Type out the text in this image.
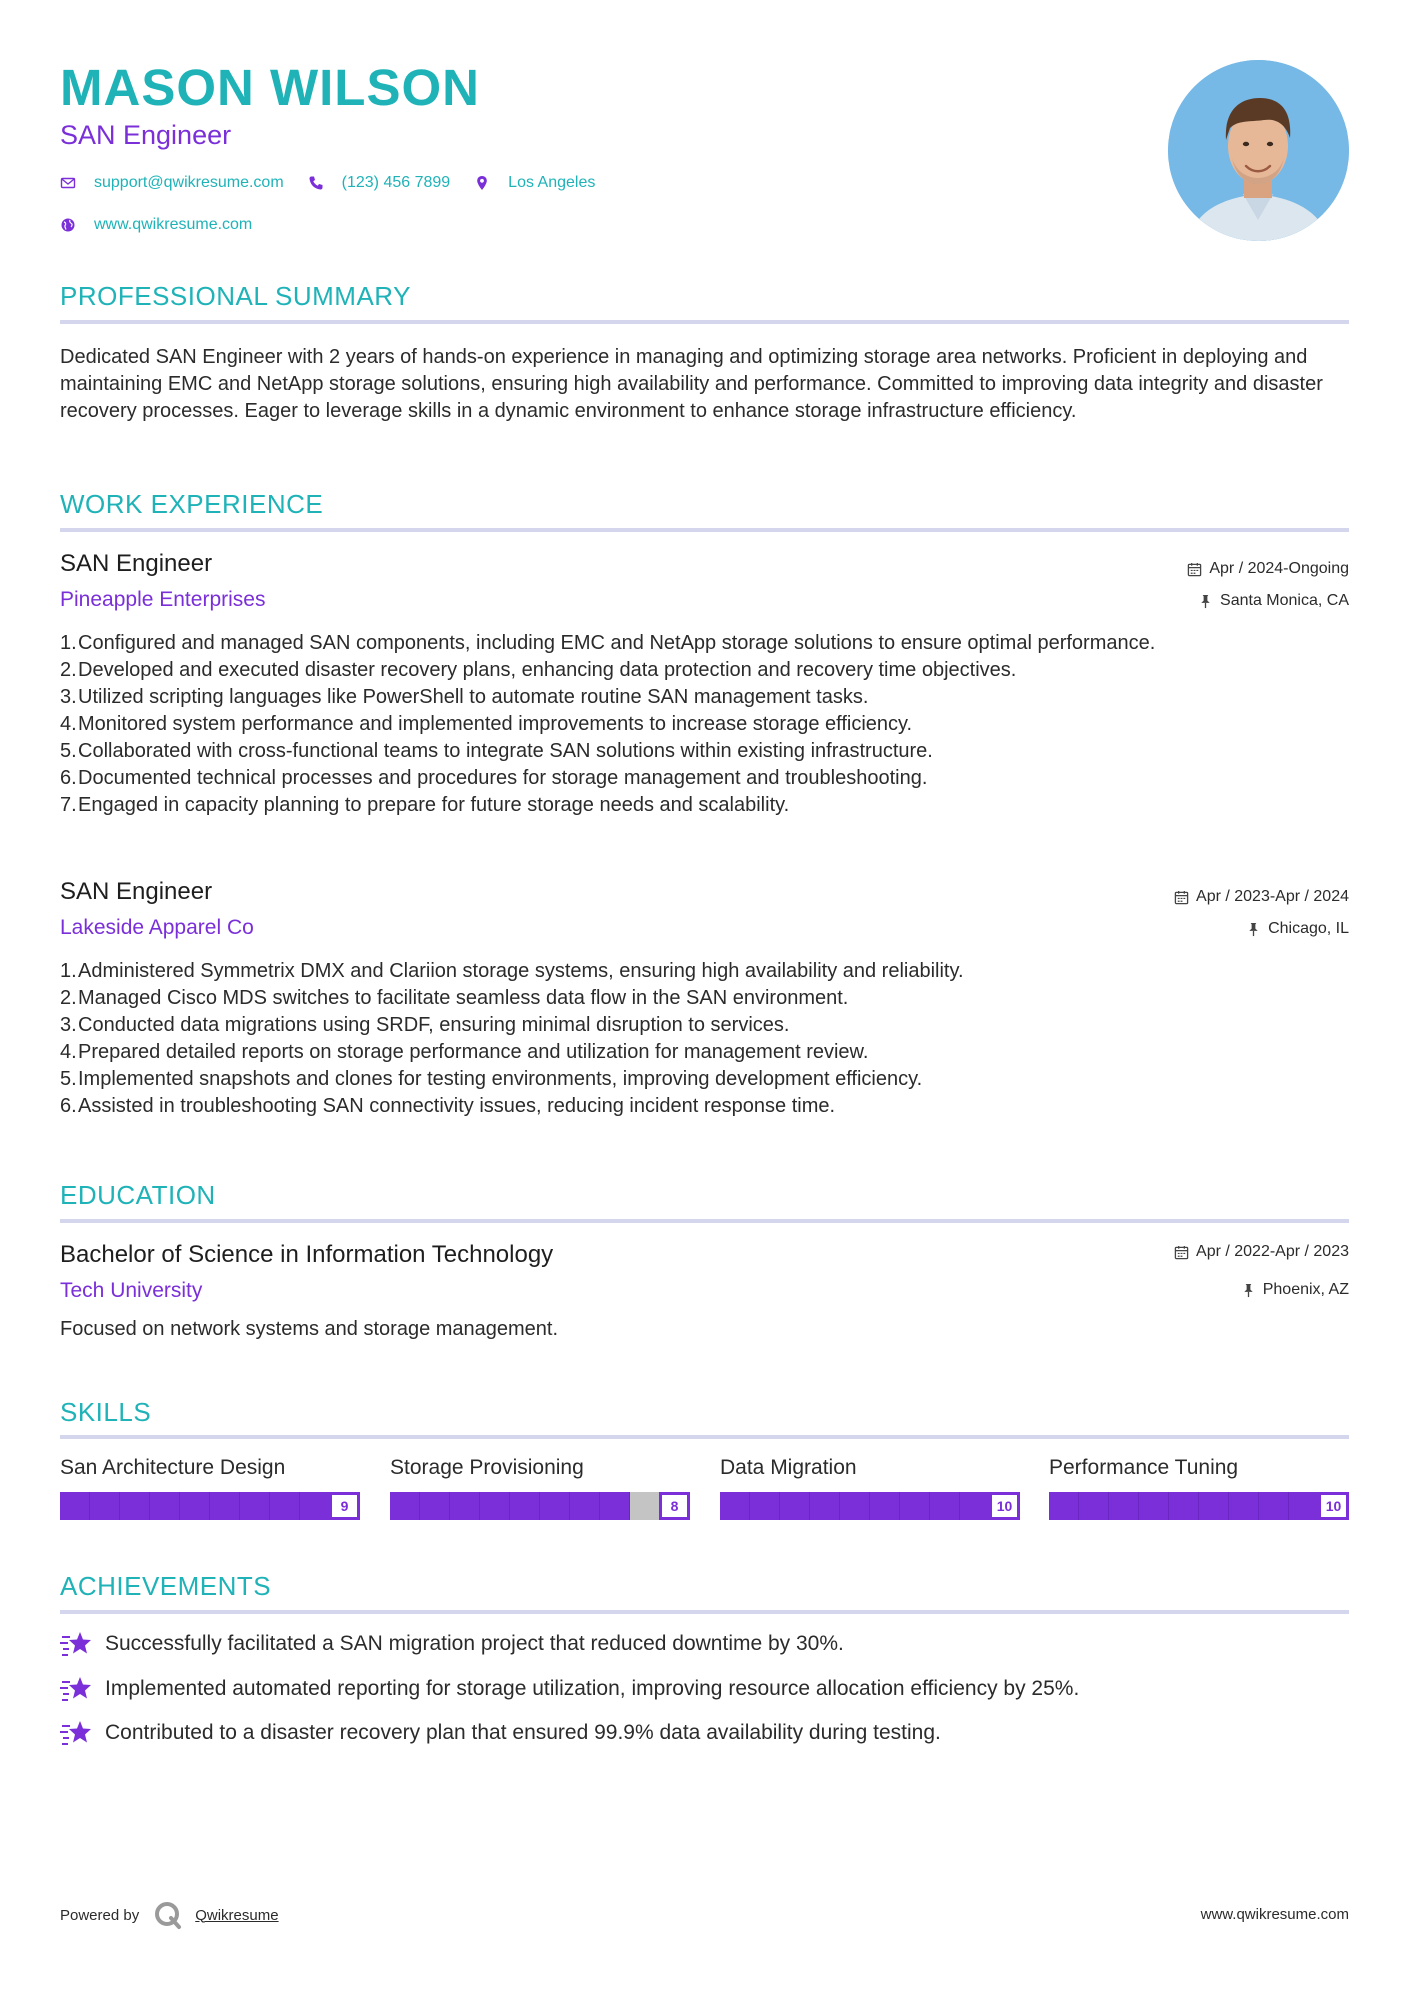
MASON WILSON
SAN Engineer
support@qwikresume.com	(123) 456 7899	Los Angeles
www.qwikresume.com
PROFESSIONAL SUMMARY
Dedicated SAN Engineer with 2 years of hands-on experience in managing and optimizing storage area networks. Proficient in deploying and maintaining EMC and NetApp storage solutions, ensuring high availability and performance. Committed to improving data integrity and disaster recovery processes. Eager to leverage skills in a dynamic environment to enhance storage infrastructure efficiency.
WORK EXPERIENCE
SAN Engineer	Apr / 2024-Ongoing
Pineapple Enterprises	Santa Monica, CA
1. Configured and managed SAN components, including EMC and NetApp storage solutions to ensure optimal performance.
2. Developed and executed disaster recovery plans, enhancing data protection and recovery time objectives.
3. Utilized scripting languages like PowerShell to automate routine SAN management tasks.
4. Monitored system performance and implemented improvements to increase storage efficiency.
5. Collaborated with cross-functional teams to integrate SAN solutions within existing infrastructure.
6. Documented technical processes and procedures for storage management and troubleshooting.
7. Engaged in capacity planning to prepare for future storage needs and scalability.
SAN Engineer	Apr / 2023-Apr / 2024
Lakeside Apparel Co	Chicago, IL
1. Administered Symmetrix DMX and Clariion storage systems, ensuring high availability and reliability.
2. Managed Cisco MDS switches to facilitate seamless data flow in the SAN environment.
3. Conducted data migrations using SRDF, ensuring minimal disruption to services.
4. Prepared detailed reports on storage performance and utilization for management review.
5. Implemented snapshots and clones for testing environments, improving development efficiency.
6. Assisted in troubleshooting SAN connectivity issues, reducing incident response time.
EDUCATION
Bachelor of Science in Information Technology	Apr / 2022-Apr / 2023
Tech University	Phoenix, AZ
Focused on network systems and storage management.
SKILLS
San Architecture Design
9
Storage Provisioning
8
Data Migration
10
Performance Tuning
10
ACHIEVEMENTS
Successfully facilitated a SAN migration project that reduced downtime by 30%.
Implemented automated reporting for storage utilization, improving resource allocation efficiency by 25%.
Contributed to a disaster recovery plan that ensured 99.9% data availability during testing.
Powered by	Qwikresume	www.qwikresume.com
